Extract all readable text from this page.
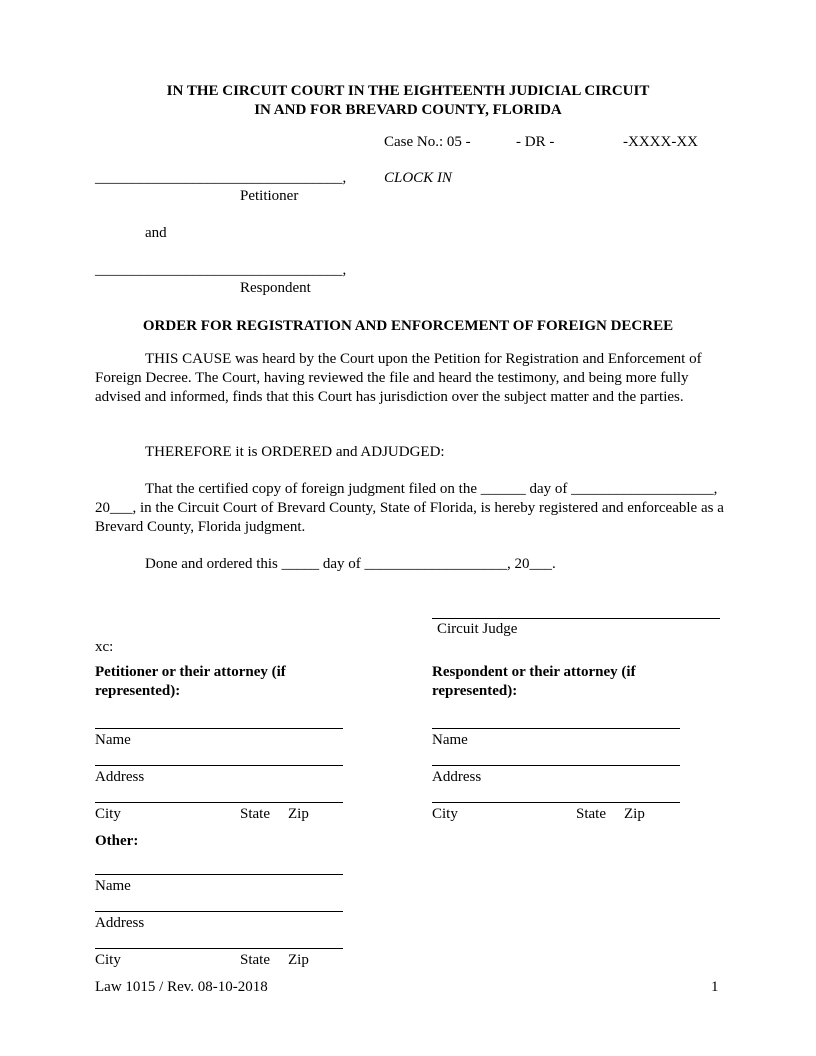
IN THE CIRCUIT COURT IN THE EIGHTEENTH JUDICIAL CIRCUIT
IN AND FOR BREVARD COUNTY, FLORIDA
Case No.: 05 -	- DR -	-XXXX-XX
CLOCK IN
_________________________________,
Petitioner
and
_________________________________,
Respondent
ORDER FOR REGISTRATION AND ENFORCEMENT OF FOREIGN DECREE
THIS CAUSE was heard by the Court upon the Petition for Registration and Enforcement of Foreign Decree. The Court, having reviewed the file and heard the testimony, and being more fully advised and informed, finds that this Court has jurisdiction over the subject matter and the parties.
THEREFORE it is ORDERED and ADJUDGED:
That the certified copy of foreign judgment filed on the ______ day of ___________________, 20___, in the Circuit Court of Brevard County, State of Florida, is hereby registered and enforceable as a Brevard County, Florida judgment.
Done and ordered this _____ day of ___________________, 20___.
Circuit Judge
xc:
Petitioner or their attorney (if
represented):
Name
Address
City	State Zip
Respondent or their attorney (if
represented):
Name
Address
City	State Zip
Other:
Name
Address
City	State Zip
Law 1015 / Rev. 08-10-2018	1
